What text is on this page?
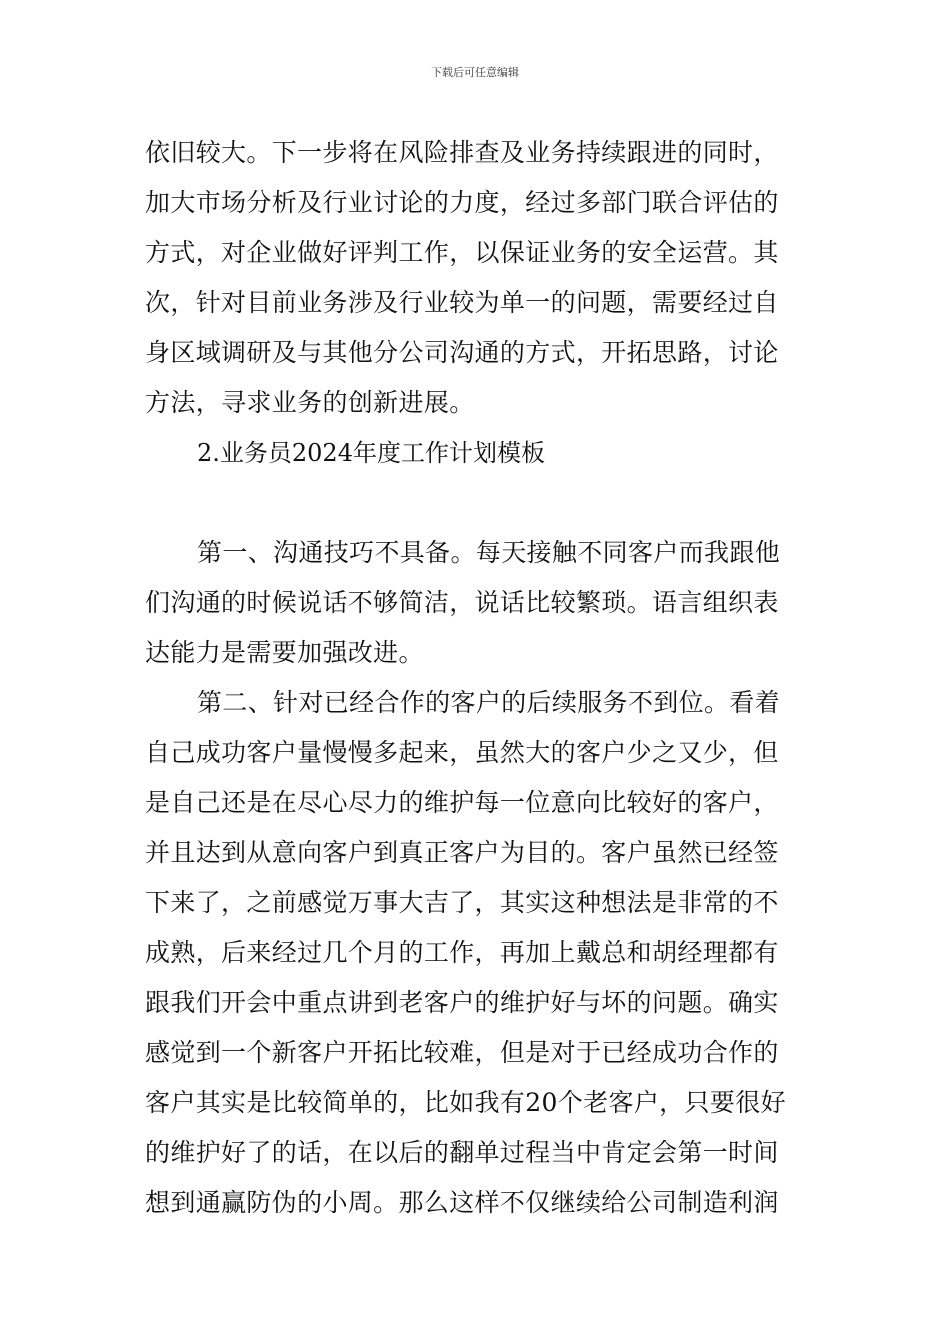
下载后可任意编辑
依旧较大。下一步将在风险排查及业务持续跟进的同时，
加大市场分析及行业讨论的力度，经过多部门联合评估的
方式，对企业做好评判工作，以保证业务的安全运营。其
次，针对目前业务涉及行业较为单一的问题，需要经过自
身区域调研及与其他分公司沟通的方式，开拓思路，讨论
方法，寻求业务的创新进展。
2.业务员2024年度工作计划模板
第一、沟通技巧不具备。每天接触不同客户而我跟他
们沟通的时候说话不够简洁，说话比较繁琐。语言组织表
达能力是需要加强改进。
第二、针对已经合作的客户的后续服务不到位。看着
自己成功客户量慢慢多起来，虽然大的客户少之又少，但
是自己还是在尽心尽力的维护每一位意向比较好的客户，
并且达到从意向客户到真正客户为目的。客户虽然已经签
下来了，之前感觉万事大吉了，其实这种想法是非常的不
成熟，后来经过几个月的工作，再加上戴总和胡经理都有
跟我们开会中重点讲到老客户的维护好与坏的问题。确实
感觉到一个新客户开拓比较难，但是对于已经成功合作的
客户其实是比较简单的，比如我有20个老客户，只要很好
的维护好了的话，在以后的翻单过程当中肯定会第一时间
想到通赢防伪的小周。那么这样不仅继续给公司制造利润
